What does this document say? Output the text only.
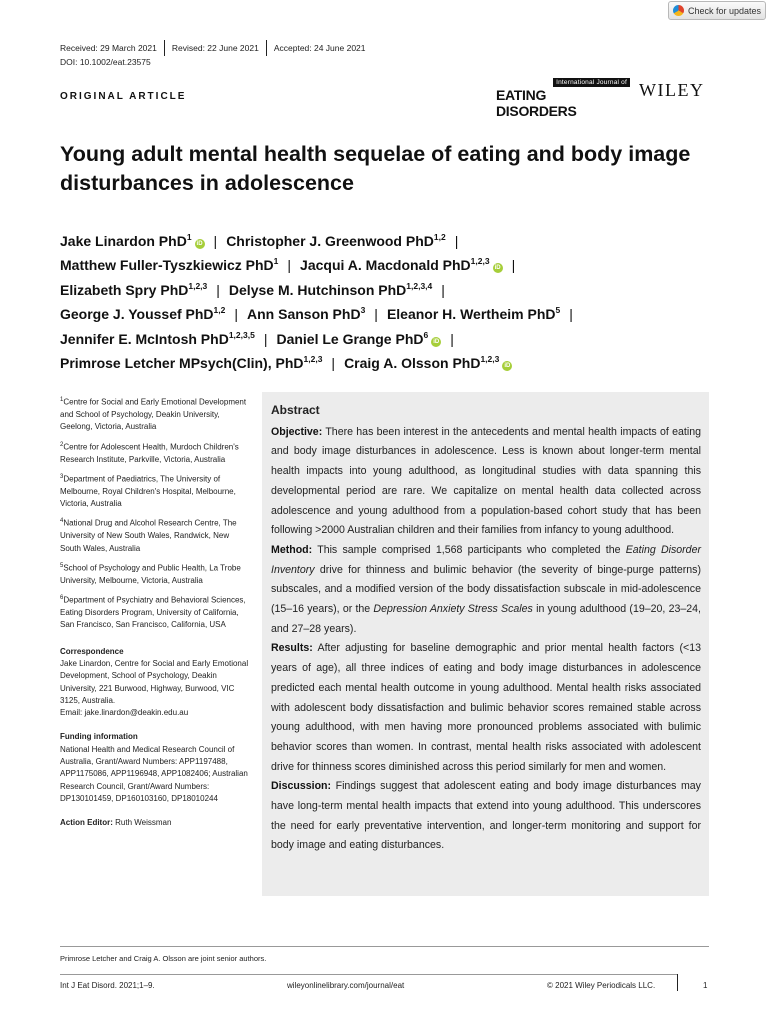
Check for updates
Received: 29 March 2021 Revised: 22 June 2021 Accepted: 24 June 2021
DOI: 10.1002/eat.23575
ORIGINAL ARTICLE
International Journal of
EATING DISORDERS
WILEY
Young adult mental health sequelae of eating and body image disturbances in adolescence
Jake Linardon PhD$^1$iD | Christopher J. Greenwood PhD$^{1,2}$ |
Matthew Fuller-Tyszkiewicz PhD$^1$ | Jacqui A. Macdonald PhD$^{1,2,3}$iD |
Elizabeth Spry PhD$^{1,2,3}$ | Delyse M. Hutchinson PhD$^{1,2,3,4}$ |
George J. Youssef PhD$^{1,2}$ | Ann Sanson PhD$^3$ | Eleanor H. Wertheim PhD$^5$ |
Jennifer E. McIntosh PhD$^{1,2,3,5}$ | Daniel Le Grange PhD$^6$iD |
Primrose Letcher MPsych(Clin), PhD$^{1,2,3}$ | Craig A. Olsson PhD$^{1,2,3}$iD
$^1$Centre for Social and Early Emotional Development and School of Psychology, Deakin University, Geelong, Victoria, Australia
$^2$Centre for Adolescent Health, Murdoch Children's Research Institute, Parkville, Victoria, Australia
$^3$Department of Paediatrics, The University of Melbourne, Royal Children's Hospital, Melbourne, Victoria, Australia
$^4$National Drug and Alcohol Research Centre, The University of New South Wales, Randwick, New South Wales, Australia
$^5$School of Psychology and Public Health, La Trobe University, Melbourne, Victoria, Australia
$^6$Department of Psychiatry and Behavioral Sciences, Eating Disorders Program, University of California, San Francisco, San Francisco, California, USA
Correspondence
Jake Linardon, Centre for Social and Early Emotional Development, School of Psychology, Deakin University, 221 Burwood, Highway, Burwood, VIC 3125, Australia.
Email: jake.linardon@deakin.edu.au
Funding information
National Health and Medical Research Council of Australia, Grant/Award Numbers: APP1197488, APP1175086, APP1196948, APP1082406; Australian Research Council, Grant/Award Numbers: DP130101459, DP160103160, DP18010244
Action Editor: Ruth Weissman
Abstract

Objective: There has been interest in the antecedents and mental health impacts of eating and body image disturbances in adolescence. Less is known about longer-term mental health impacts into young adulthood, as longitudinal studies with data spanning this developmental period are rare. We capitalize on mental health data collected across adolescence and young adulthood from a population-based cohort study that has been following >2000 Australian children and their families from infancy to young adulthood.

Method: This sample comprised 1,568 participants who completed the Eating Disorder Inventory drive for thinness and bulimic behavior (the severity of binge-purge patterns) subscales, and a modified version of the body dissatisfaction subscale in mid-adolescence (15–16 years), or the Depression Anxiety Stress Scales in young adulthood (19–20, 23–24, and 27–28 years).

Results: After adjusting for baseline demographic and prior mental health factors (<13 years of age), all three indices of eating and body image disturbances in adolescence predicted each mental health outcome in young adulthood. Mental health risks associated with adolescent body dissatisfaction and bulimic behavior scores remained stable across young adulthood, with men having more pronounced problems associated with bulimic behavior scores than women. In contrast, mental health risks associated with adolescent drive for thinness scores diminished across this period similarly for men and women.

Discussion: Findings suggest that adolescent eating and body image disturbances may have long-term mental health impacts that extend into young adulthood. This underscores the need for early preventative intervention, and longer-term monitoring and support for body image and eating disturbances.

Primrose Letcher and Craig A. Olsson are joint senior authors.
Int J Eat Disord. 2021;1–9.	wileyonlinelibrary.com/journal/eat	© 2021 Wiley Periodicals LLC.	1
